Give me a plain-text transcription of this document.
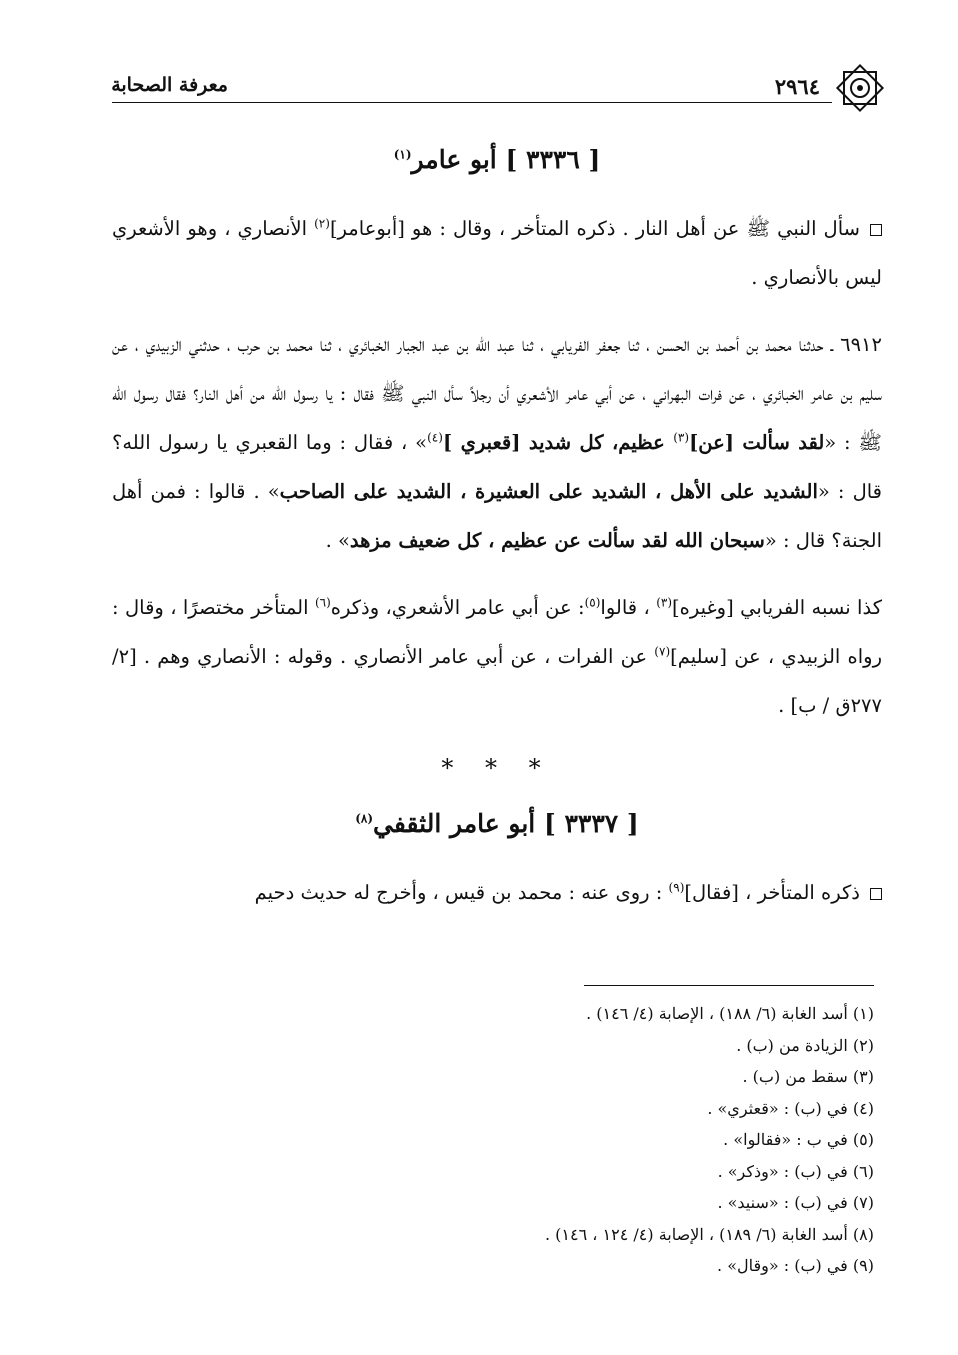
٢٩٦٤
معرفة الصحابة
[ ٣٣٣٦ ] أبو عامر$^{(١)}$

سأل النبي ﷺ عن أهل النار . ذكره المتأخر ، وقال : هو [أبوعامر]$^{(٢)}$ الأنصاري ، وهو الأشعري ليس بالأنصاري .

٦٩١٢ ـ حدثنا محمد بن أحمد بن الحسن ، ثنا جعفر الفريابي ، ثنا عبد الله بن عبد الجبار الخبائري ، ثنا محمد بن حرب ، حدثني الزبيدي ، عن سليم بن عامر الخبائري ، عن فرات البهراني ، عن أبي عامر الأشعري أن رجلاً سأل النبي ﷺ فقال : يا رسول الله من أهل النار؟ فقال رسول الله ﷺ : «لقد سألت [عن]$^{(٣)}$ عظيم، كل شديد [قعبري ]$^{(٤)}$» ، فقال : وما القعبري يا رسول الله؟ قال : «الشديد على الأهل ، الشديد على العشيرة ، الشديد على الصاحب» . قالوا : فمن أهل الجنة؟ قال : «سبحان الله لقد سألت عن عظيم ، كل ضعيف مزهد» .

كذا نسبه الفريابي [وغيره]$^{(٣)}$ ، قالوا$^{(٥)}$: عن أبي عامر الأشعري، وذكره$^{(٦)}$ المتأخر مختصرًا ، وقال : رواه الزبيدي ، عن [سليم]$^{(٧)}$ عن الفرات ، عن أبي عامر الأنصاري . وقوله : الأنصاري وهم . [٢/ ٢٧٧ق / ب] .

* * *
[ ٣٣٣٧ ] أبو عامر الثقفي$^{(٨)}$

ذكره المتأخر ، [فقال]$^{(٩)}$ : روى عنه : محمد بن قيس ، وأخرج له حديث دحيم

(١) أسد الغابة (٦/ ١٨٨) ، الإصابة (٤/ ١٤٦) .
(٢) الزيادة من (ب) .
(٣) سقط من (ب) .
(٤) في (ب) : «قعثري» .
(٥) في ب : «فقالوا» .
(٦) في (ب) : «وذكر» .
(٧) في (ب) : «سنيد» .
(٨) أسد الغابة (٦/ ١٨٩) ، الإصابة (٤/ ١٢٤ ، ١٤٦) .
(٩) في (ب) : «وقال» .
